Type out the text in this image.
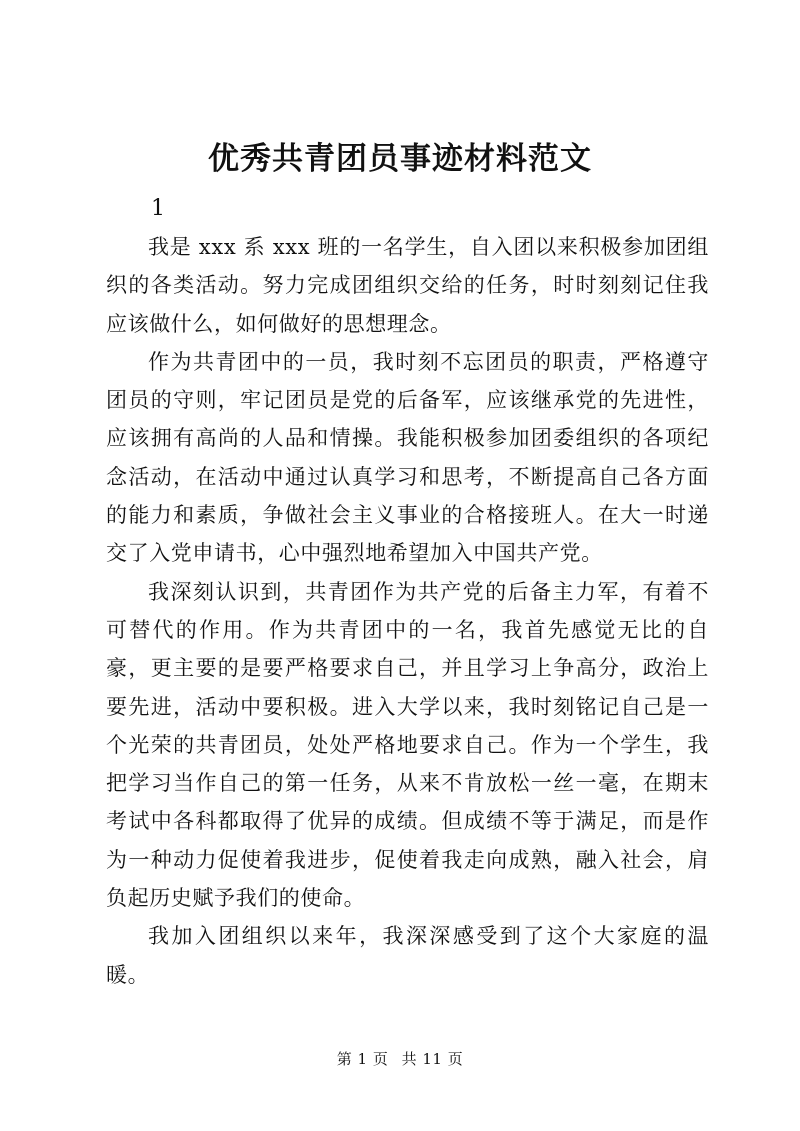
优秀共青团员事迹材料范文
1

我是 xxx 系 xxx 班的一名学生，自入团以来积极参加团组织的各类活动。努力完成团组织交给的任务，时时刻刻记住我应该做什么，如何做好的思想理念。

作为共青团中的一员，我时刻不忘团员的职责，严格遵守团员的守则，牢记团员是党的后备军，应该继承党的先进性，应该拥有高尚的人品和情操。我能积极参加团委组织的各项纪念活动，在活动中通过认真学习和思考，不断提高自己各方面的能力和素质，争做社会主义事业的合格接班人。在大一时递交了入党申请书，心中强烈地希望加入中国共产党。

我深刻认识到，共青团作为共产党的后备主力军，有着不可替代的作用。作为共青团中的一名，我首先感觉无比的自豪，更主要的是要严格要求自己，并且学习上争高分，政治上要先进，活动中要积极。进入大学以来，我时刻铭记自己是一个光荣的共青团员，处处严格地要求自己。作为一个学生，我把学习当作自己的第一任务，从来不肯放松一丝一毫，在期末考试中各科都取得了优异的成绩。但成绩不等于满足，而是作为一种动力促使着我进步，促使着我走向成熟，融入社会，肩负起历史赋予我们的使命。

我加入团组织以来年，我深深感受到了这个大家庭的温暖。

第 1 页 共 11 页
